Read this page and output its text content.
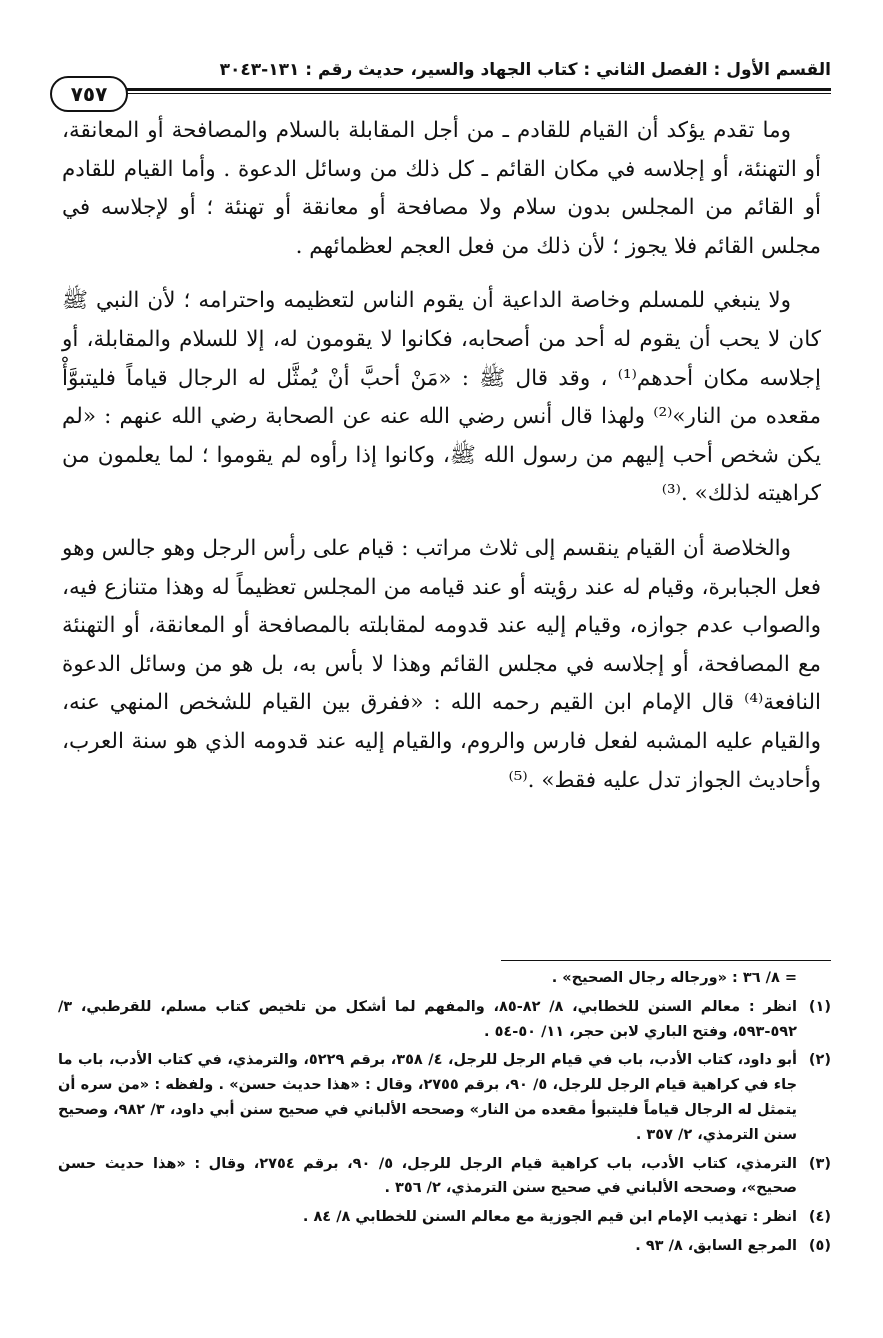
القسم الأول : الفصل الثاني : كتاب الجهاد والسير، حديث رقم : ١٣١-٣٠٤٣
٧٥٧

وما تقدم يؤكد أن القيام للقادم ـ من أجل المقابلة بالسلام والمصافحة أو المعانقة، أو التهنئة، أو إجلاسه في مكان القائم ـ كل ذلك من وسائل الدعوة . وأما القيام للقادم أو القائم من المجلس بدون سلام ولا مصافحة أو معانقة أو تهنئة ؛ أو لإجلاسه في مجلس القائم فلا يجوز ؛ لأن ذلك من فعل العجم لعظمائهم .

ولا ينبغي للمسلم وخاصة الداعية أن يقوم الناس لتعظيمه واحترامه ؛ لأن النبي ﷺ كان لا يحب أن يقوم له أحد من أصحابه، فكانوا لا يقومون له، إلا للسلام والمقابلة، أو إجلاسه مكان أحدهم⁽¹⁾ ، وقد قال ﷺ : «مَنْ أحبَّ أنْ يُمثَّل له الرجال قياماً فليتبوَّأْ مقعده من النار»⁽²⁾ ولهذا قال أنس رضي الله عنه عن الصحابة رضي الله عنهم : «لم يكن شخص أحب إليهم من رسول الله ﷺ، وكانوا إذا رأوه لم يقوموا ؛ لما يعلمون من كراهيته لذلك» .⁽³⁾

والخلاصة أن القيام ينقسم إلى ثلاث مراتب : قيام على رأس الرجل وهو جالس وهو فعل الجبابرة، وقيام له عند رؤيته أو عند قيامه من المجلس تعظيماً له وهذا متنازع فيه، والصواب عدم جوازه، وقيام إليه عند قدومه لمقابلته بالمصافحة أو المعانقة، أو التهنئة مع المصافحة، أو إجلاسه في مجلس القائم وهذا لا بأس به، بل هو من وسائل الدعوة النافعة⁽⁴⁾ قال الإمام ابن القيم رحمه الله : «ففرق بين القيام للشخص المنهي عنه، والقيام عليه المشبه لفعل فارس والروم، والقيام إليه عند قدومه الذي هو سنة العرب، وأحاديث الجواز تدل عليه فقط» .⁽⁵⁾

= ٨/ ٣٦ : «ورجاله رجال الصحيح» .
(١)
انظر : معالم السنن للخطابي، ٨/ ٨٢-٨٥، والمفهم لما أشكل من تلخيص كتاب مسلم، للقرطبي، ٣/ ٥٩٢-٥٩٣، وفتح الباري لابن حجر، ١١/ ٥٠-٥٤ .
(٢)
أبو داود، كتاب الأدب، باب في قيام الرجل للرجل، ٤/ ٣٥٨، برقم ٥٢٢٩، والترمذي، في كتاب الأدب، باب ما جاء في كراهية قيام الرجل للرجل، ٥/ ٩٠، برقم ٢٧٥٥، وقال : «هذا حديث حسن» . ولفظه : «من سره أن يتمثل له الرجال قياماً فليتبوأ مقعده من النار» وصححه الألباني في صحيح سنن أبي داود، ٣/ ٩٨٢، وصحيح سنن الترمذي، ٢/ ٣٥٧ .
(٣)
الترمذي، كتاب الأدب، باب كراهية قيام الرجل للرجل، ٥/ ٩٠، برقم ٢٧٥٤، وقال : «هذا حديث حسن صحيح»، وصححه الألباني في صحيح سنن الترمذي، ٢/ ٣٥٦ .
(٤)
انظر : تهذيب الإمام ابن قيم الجوزية مع معالم السنن للخطابي ٨/ ٨٤ .
(٥)
المرجع السابق، ٨/ ٩٣ .
